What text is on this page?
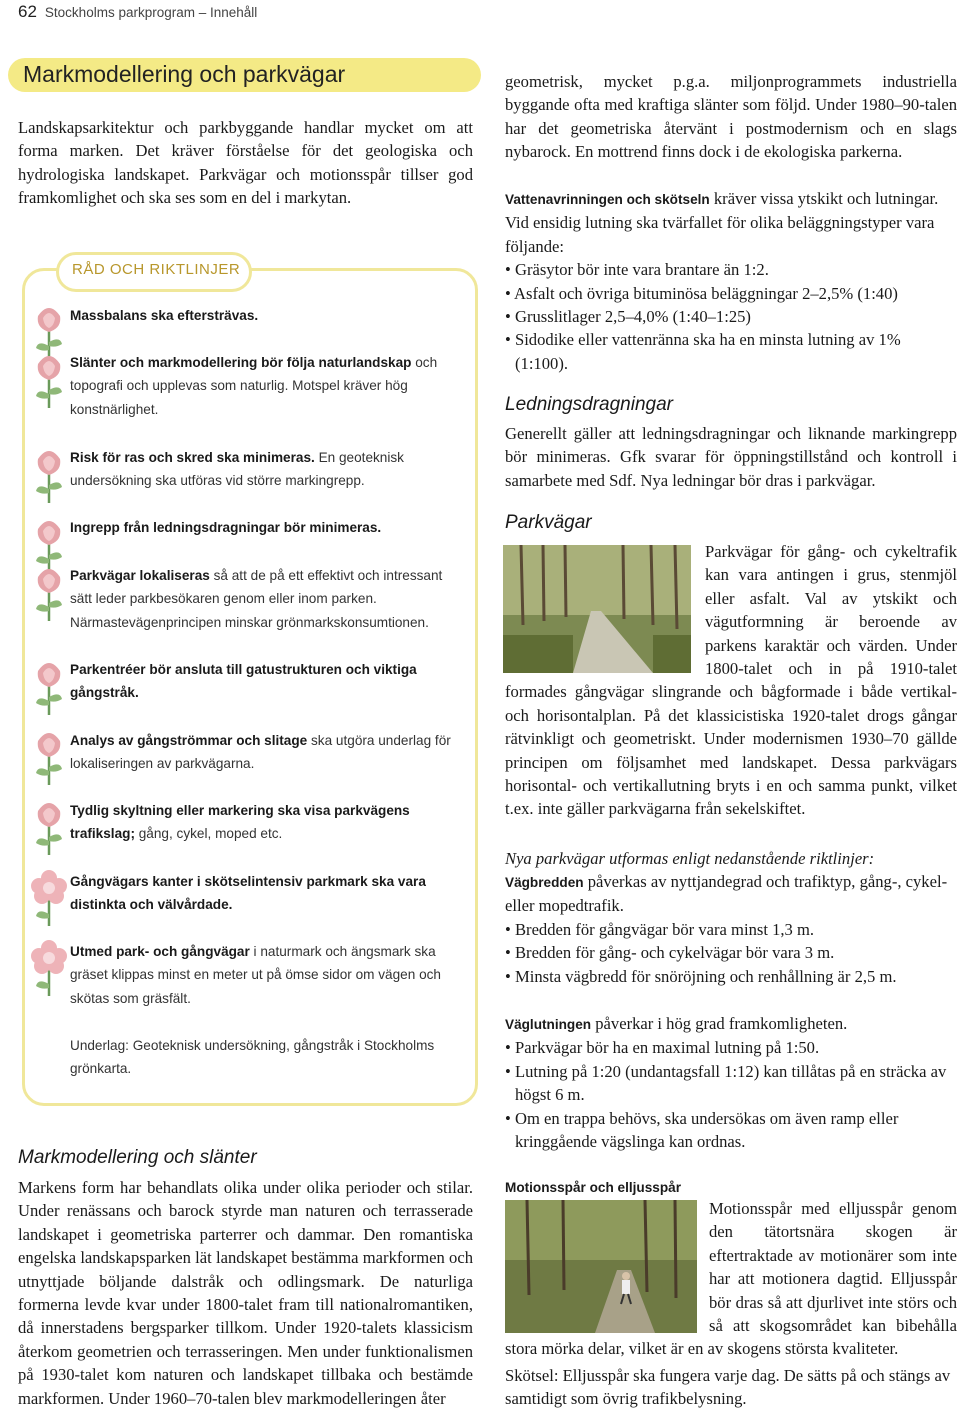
62 Stockholms parkprogram – Innehåll
Markmodellering och parkvägar

Landskapsarkitektur och parkbyggande handlar mycket om att forma marken. Det kräver förståelse för det geologiska och hydrologiska landskapet. Parkvägar och motionsspår tillser god framkomlighet och ska ses som en del i markytan.

RÅD OCH RIKTLINJER
Massbalans ska eftersträvas.
Slänter och markmodellering bör följa naturlandskap och topografi och upplevas som naturlig. Motspel kräver hög konstnärlighet.
Risk för ras och skred ska minimeras. En geoteknisk undersökning ska utföras vid större markingrepp.
Ingrepp från ledningsdragningar bör minimeras.
Parkvägar lokaliseras så att de på ett effektivt och intressant sätt leder parkbesökaren genom eller inom parken. Närmastevägenprincipen minskar grönmarkskonsumtionen.
Parkentréer bör ansluta till gatustrukturen och viktiga gångstråk.
Analys av gångströmmar och slitage ska utgöra underlag för lokaliseringen av parkvägarna.
Tydlig skyltning eller markering ska visa parkvägens trafikslag; gång, cykel, moped etc.
Gångvägars kanter i skötselintensiv parkmark ska vara distinkta och välvårdade.
Utmed park- och gångvägar i naturmark och ängsmark ska gräset klippas minst en meter ut på ömse sidor om vägen och skötas som gräsfält.
Underlag: Geoteknisk undersökning, gångstråk i Stockholms grönkarta.
Markmodellering och slänter

Markens form har behandlats olika under olika perioder och stilar. Under renässans och barock styrde man naturen och terrasserade landskapet i geometriska parterrer och dammar. Den romantiska engelska landskapsparken lät landskapet bestämma markformen och utnyttjade böljande dalstråk och odlingsmark. De naturliga formerna levde kvar under 1800-talet fram till nationalromantiken, då innerstadens bergsparker tillkom. Under 1920-talets klassicism återkom geometrien och terrasseringen. Men under funktionalismen på 1930-talet kom naturen och landskapet tillbaka och bestämde markformen. Under 1960–70-talen blev markmodelleringen åter

geometrisk, mycket p.g.a. miljonprogrammets industriella byggande ofta med kraftiga slänter som följd. Under 1980–90-talen har det geometriska återvänt i postmodernism och en slags nybarock. En mottrend finns dock i de ekologiska parkerna.

Vattenavrinningen och skötseln kräver vissa ytskikt och lutningar. Vid ensidig lutning ska tvärfallet för olika beläggningstyper vara följande:

• Gräsytor bör inte vara brantare än 1:2.
• Asfalt och övriga bituminösa beläggningar 2–2,5% (1:40)
• Grusslitlager 2,5–4,0% (1:40–1:25)
• Sidodike eller vattenränna ska ha en minsta lutning av 1% (1:100).
Ledningsdragningar

Generellt gäller att ledningsdragningar och liknande markingrepp bör minimeras. Gfk svarar för öppningstillstånd och kontroll i samarbete med Sdf. Nya ledningar bör dras i parkvägar.

Parkvägar
Parkvägar för gång- och cykeltrafik kan vara antingen i grus, stenmjöl eller asfalt. Val av ytskikt och vägutformning är beroende av parkens karaktär och värden. Under 1800-talet och in på 1910-talet formades gångvägar slingrande och bågformade i både vertikal- och horisontalplan. På det klassicistiska 1920-talet drogs gångar rätvinkligt och geometriskt. Under modernismen 1930–70 gällde principen om följsamhet med landskapet. Dessa parkvägars horisontal- och vertikallutning bryts i en och samma punkt, vilket t.ex. inte gäller parkvägarna från sekelskiftet.
Nya parkvägar utformas enligt nedanstående riktlinjer:

Vägbredden påverkas av nyttjandegrad och trafiktyp, gång-, cykel- eller mopedtrafik.

• Bredden för gångvägar bör vara minst 1,3 m.
• Bredden för gång- och cykelvägar bör vara 3 m.
• Minsta vägbredd för snöröjning och renhållning är 2,5 m.

Väglutningen påverkar i hög grad framkomligheten.

• Parkvägar bör ha en maximal lutning på 1:50.
• Lutning på 1:20 (undantagsfall 1:12) kan tillåtas på en sträcka av högst 6 m.
• Om en trappa behövs, ska undersökas om även ramp eller kringgående vägslinga kan ordnas.
Motionsspår och elljusspår
Motionsspår med elljusspår genom den tätortsnära skogen är eftertraktade av motionärer som inte har att motionera dagtid. Elljusspår bör dras så att djurlivet inte störs och så att skogsområdet kan bibehålla stora mörka delar, vilket är en av skogens största kvaliteter.

Skötsel: Elljusspår ska fungera varje dag. De sätts på och stängs av samtidigt som övrig trafikbelysning.
